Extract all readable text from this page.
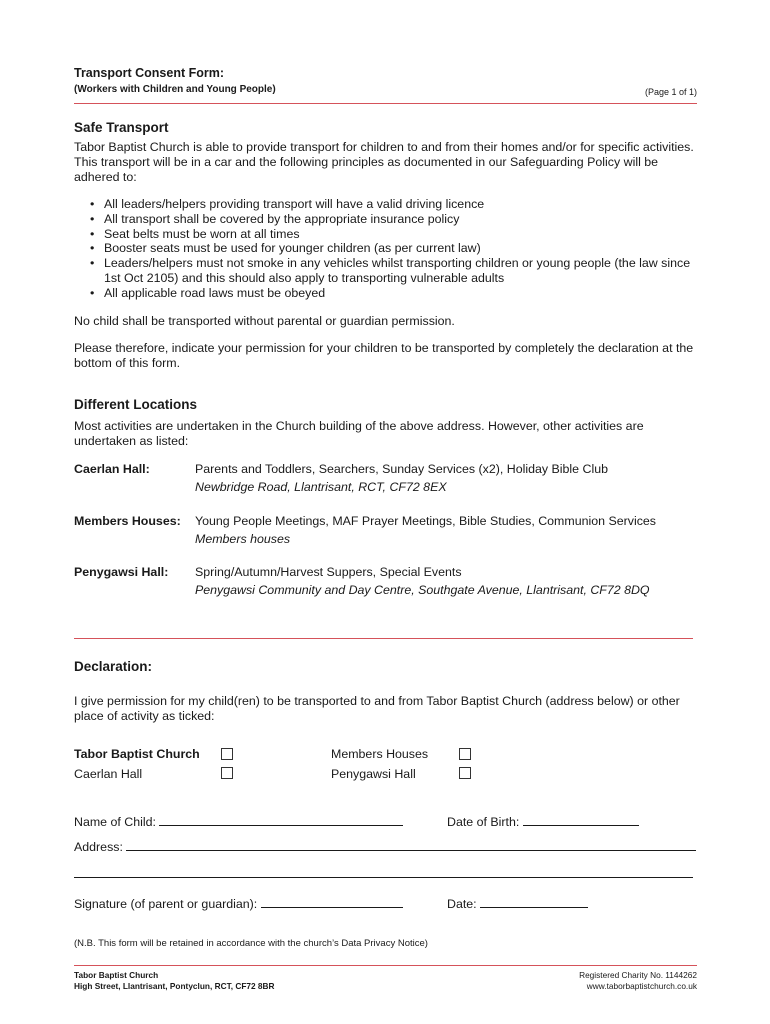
Transport Consent Form:
(Workers with Children and Young People)	(Page 1 of 1)
Safe Transport

Tabor Baptist Church is able to provide transport for children to and from their homes and/or for specific activities. This transport will be in a car and the following principles as documented in our Safeguarding Policy will be adhered to:

• All leaders/helpers providing transport will have a valid driving licence
• All transport shall be covered by the appropriate insurance policy
• Seat belts must be worn at all times
• Booster seats must be used for younger children (as per current law)
• Leaders/helpers must not smoke in any vehicles whilst transporting children or young people (the law since 1st Oct 2105) and this should also apply to transporting vulnerable adults
• All applicable road laws must be obeyed

No child shall be transported without parental or guardian permission.

Please therefore, indicate your permission for your children to be transported by completely the declaration at the bottom of this form.

Different Locations

Most activities are undertaken in the Church building of the above address. However, other activities are undertaken as listed:

Caerlan Hall:	Parents and Toddlers, Searchers, Sunday Services (x2), Holiday Bible Club
Newbridge Road, Llantrisant, RCT, CF72 8EX
Members Houses: Young People Meetings, MAF Prayer Meetings, Bible Studies, Communion Services
Members houses
Penygawsi Hall: Spring/Autumn/Harvest Suppers, Special Events
Penygawsi Community and Day Centre, Southgate Avenue, Llantrisant, CF72 8DQ
Declaration:

I give permission for my child(ren) to be transported to and from Tabor Baptist Church (address below) or other place of activity as ticked:

Tabor Baptist Church	Members Houses
Caerlan Hall	Penygawsi Hall
Name of Child:	Date of Birth:
Address:
Signature (of parent or guardian):	Date:
(N.B. This form will be retained in accordance with the church’s Data Privacy Notice)
Tabor Baptist Church
High Street, Llantrisant, Pontyclun, RCT, CF72 8BR
Registered Charity No. 1144262
www.taborbaptistchurch.co.uk
